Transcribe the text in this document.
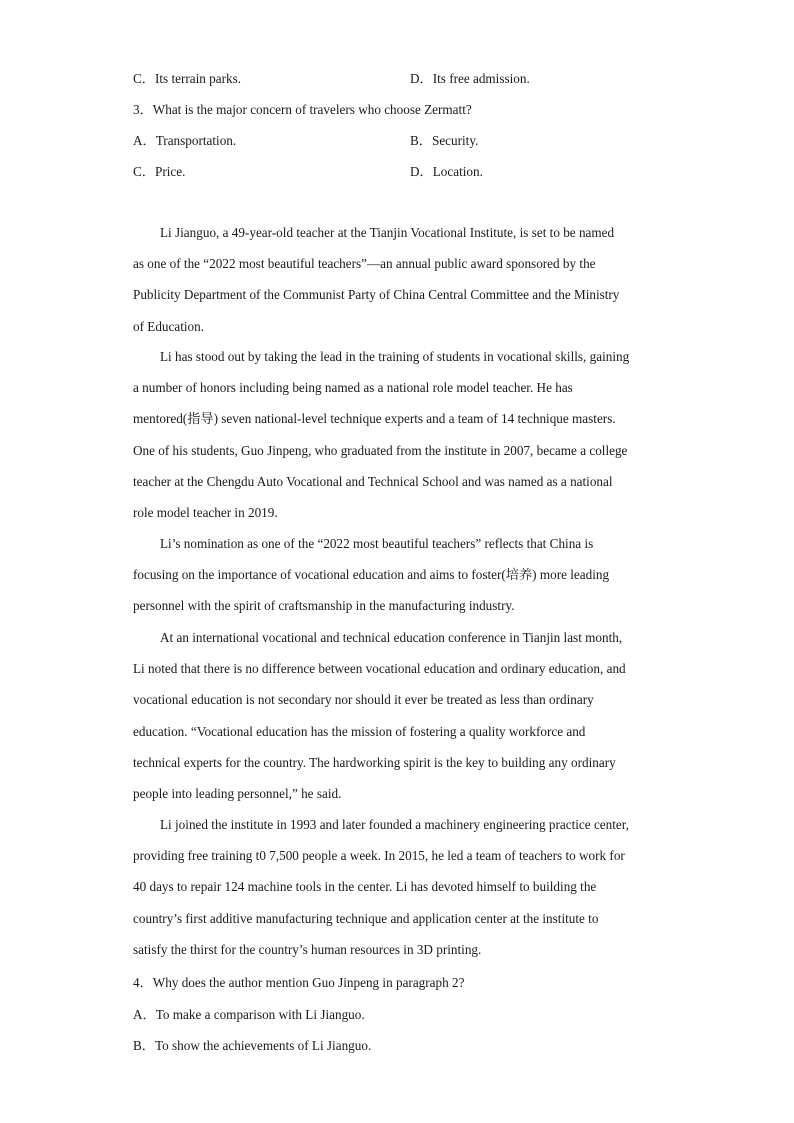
C．Its terrain parks.	D．Its free admission.
3．What is the major concern of travelers who choose Zermatt?
A．Transportation.	B．Security.
C．Price.	D．Location.
Li Jianguo, a 49-year-old teacher at the Tianjin Vocational Institute, is set to be named
as one of the “2022 most beautiful teachers”—an annual public award sponsored by the
Publicity Department of the Communist Party of China Central Committee and the Ministry
of Education.
Li has stood out by taking the lead in the training of students in vocational skills, gaining
a number of honors including being named as a national role model teacher. He has
mentored(指导) seven national-level technique experts and a team of 14 technique masters.
One of his students, Guo Jinpeng, who graduated from the institute in 2007, became a college
teacher at the Chengdu Auto Vocational and Technical School and was named as a national
role model teacher in 2019.
Li’s nomination as one of the “2022 most beautiful teachers” reflects that China is
focusing on the importance of vocational education and aims to foster(培养) more leading
personnel with the spirit of craftsmanship in the manufacturing industry.
At an international vocational and technical education conference in Tianjin last month,
Li noted that there is no difference between vocational education and ordinary education, and
vocational education is not secondary nor should it ever be treated as less than ordinary
education. “Vocational education has the mission of fostering a quality workforce and
technical experts for the country. The hardworking spirit is the key to building any ordinary
people into leading personnel,” he said.
Li joined the institute in 1993 and later founded a machinery engineering practice center,
providing free training t0 7,500 people a week. In 2015, he led a team of teachers to work for
40 days to repair 124 machine tools in the center. Li has devoted himself to building the
country’s first additive manufacturing technique and application center at the institute to
satisfy the thirst for the country’s human resources in 3D printing.
4．Why does the author mention Guo Jinpeng in paragraph 2?
A．To make a comparison with Li Jianguo.
B．To show the achievements of Li Jianguo.
